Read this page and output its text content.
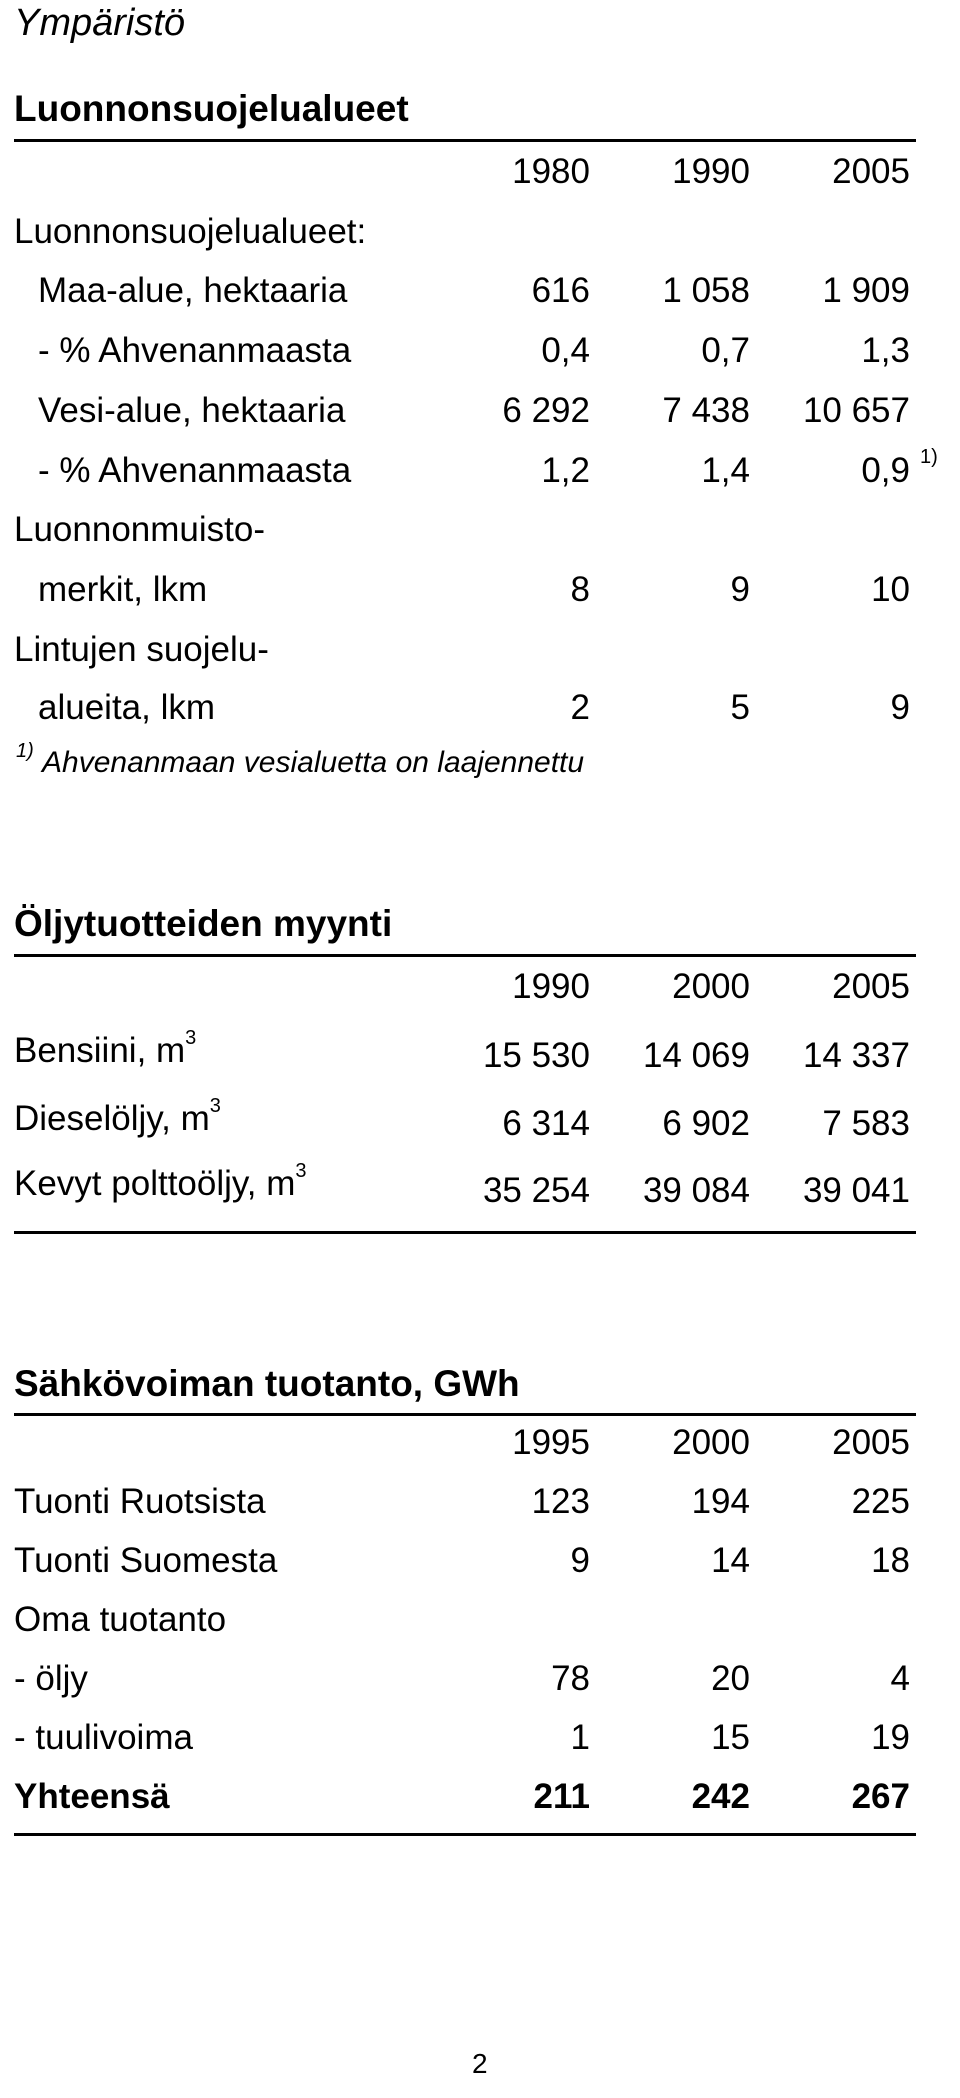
Ympäristö
Luonnonsuojelualueet
1980	1990	2005
Luonnonsuojelualueet:
Maa-alue, hektaaria	616	1 058	1 909
- % Ahvenanmaasta	0,4	0,7	1,3
Vesi-alue, hektaaria	6 292	7 438	10 657
- % Ahvenanmaasta	1,2	1,4	0,9 1)
Luonnonmuisto-
merkit, lkm	8	9	10
Lintujen suojelu-
alueita, lkm	2	5	9
1) Ahvenanmaan vesialuetta on laajennettu
Öljytuotteiden myynti
1990	2000	2005
Bensiini, $m^3$	15 530	14 069	14 337
Dieselöljy, $m^3$	6 314	6 902	7 583
Kevyt polttoöljy, $m^3$	35 254	39 084	39 041
Sähkövoiman tuotanto, GWh
1995	2000	2005
Tuonti Ruotsista	123	194	225
Tuonti Suomesta	9	14	18
Oma tuotanto
- öljy	78	20	4
- tuulivoima	1	15	19
Yhteensä	211	242	267
2
